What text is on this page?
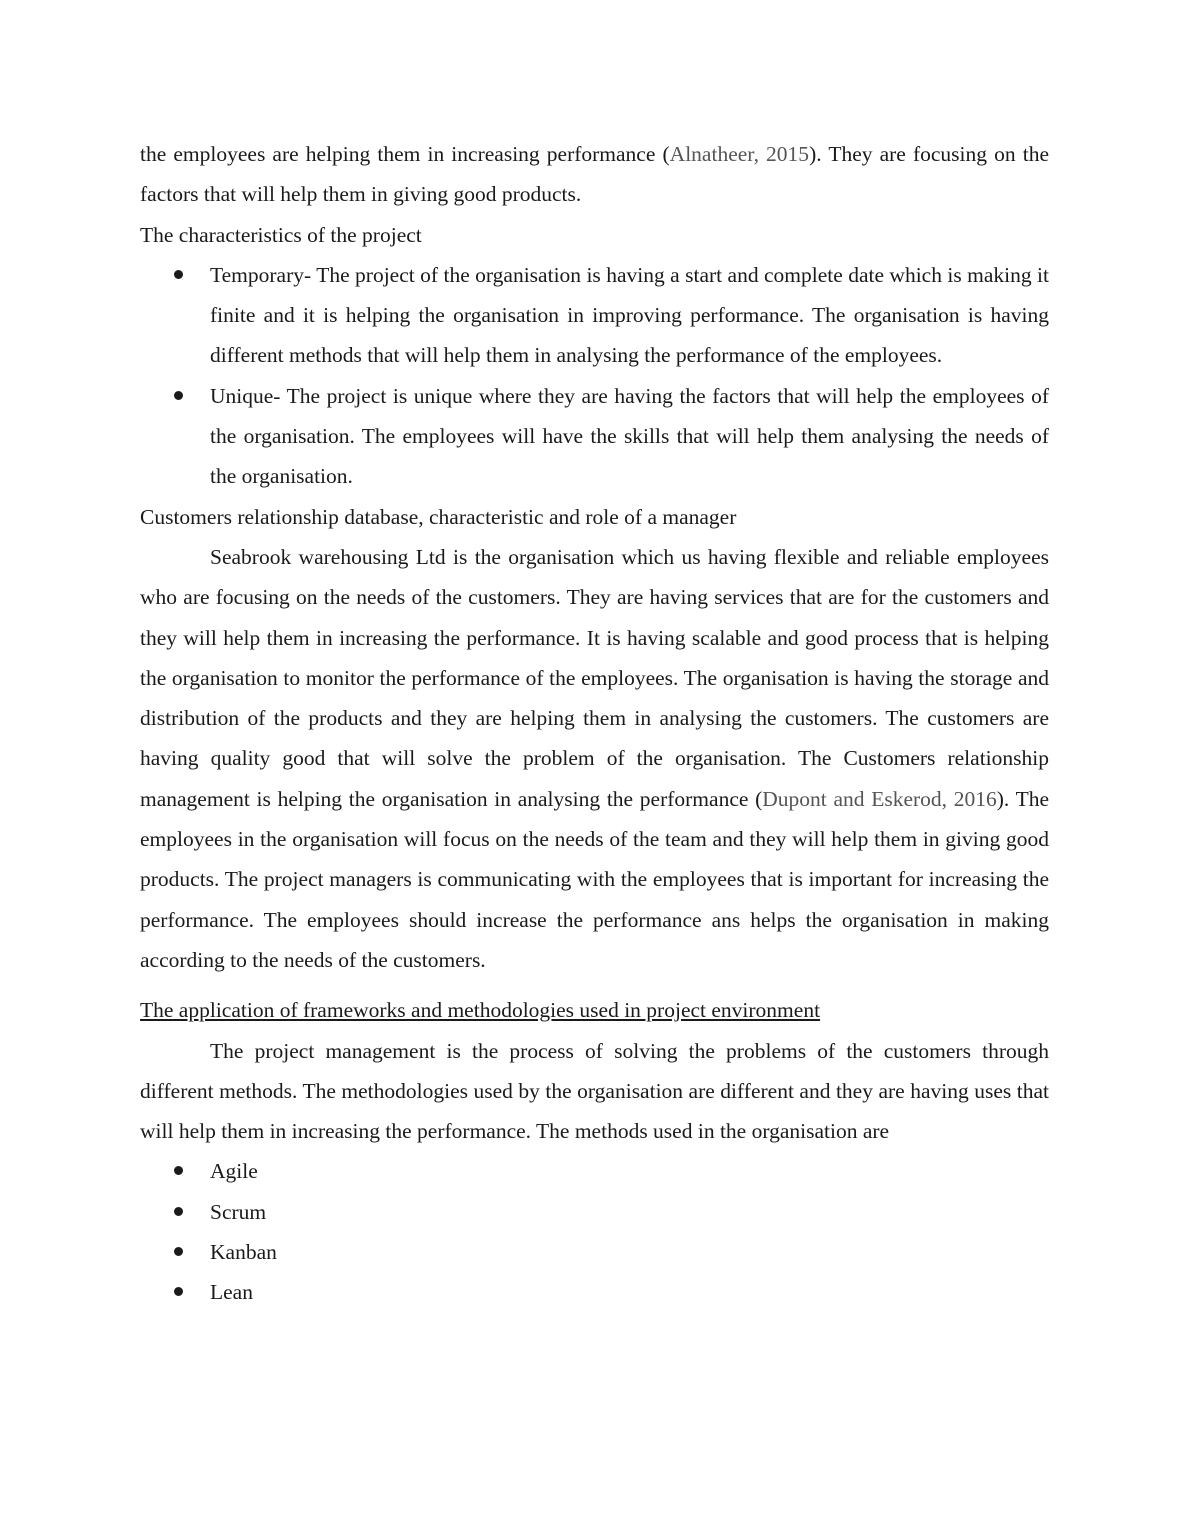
the employees are helping them in increasing performance (Alnatheer, 2015). They are focusing on the factors that will help them in giving good products.

The characteristics of the project

Temporary- The project of the organisation is having a start and complete date which is making it finite and it is helping the organisation in improving performance. The organisation is having different methods that will help them in analysing the performance of the employees.
Unique- The project is unique where they are having the factors that will help the employees of the organisation. The employees will have the skills that will help them analysing the needs of the organisation.

Customers relationship database, characteristic and role of a manager

Seabrook warehousing Ltd is the organisation which us having flexible and reliable employees who are focusing on the needs of the customers. They are having services that are for the customers and they will help them in increasing the performance. It is having scalable and good process that is helping the organisation to monitor the performance of the employees. The organisation is having the storage and distribution of the products and they are helping them in analysing the customers. The customers are having quality good that will solve the problem of the organisation. The Customers relationship management is helping the organisation in analysing the performance (Dupont and Eskerod, 2016). The employees in the organisation will focus on the needs of the team and they will help them in giving good products. The project managers is communicating with the employees that is important for increasing the performance. The employees should increase the performance ans helps the organisation in making according to the needs of the customers.

The application of frameworks and methodologies used in project environment

The project management is the process of solving the problems of the customers through different methods. The methodologies used by the organisation are different and they are having uses that will help them in increasing the performance. The methods used in the organisation are

Agile
Scrum
Kanban
Lean
